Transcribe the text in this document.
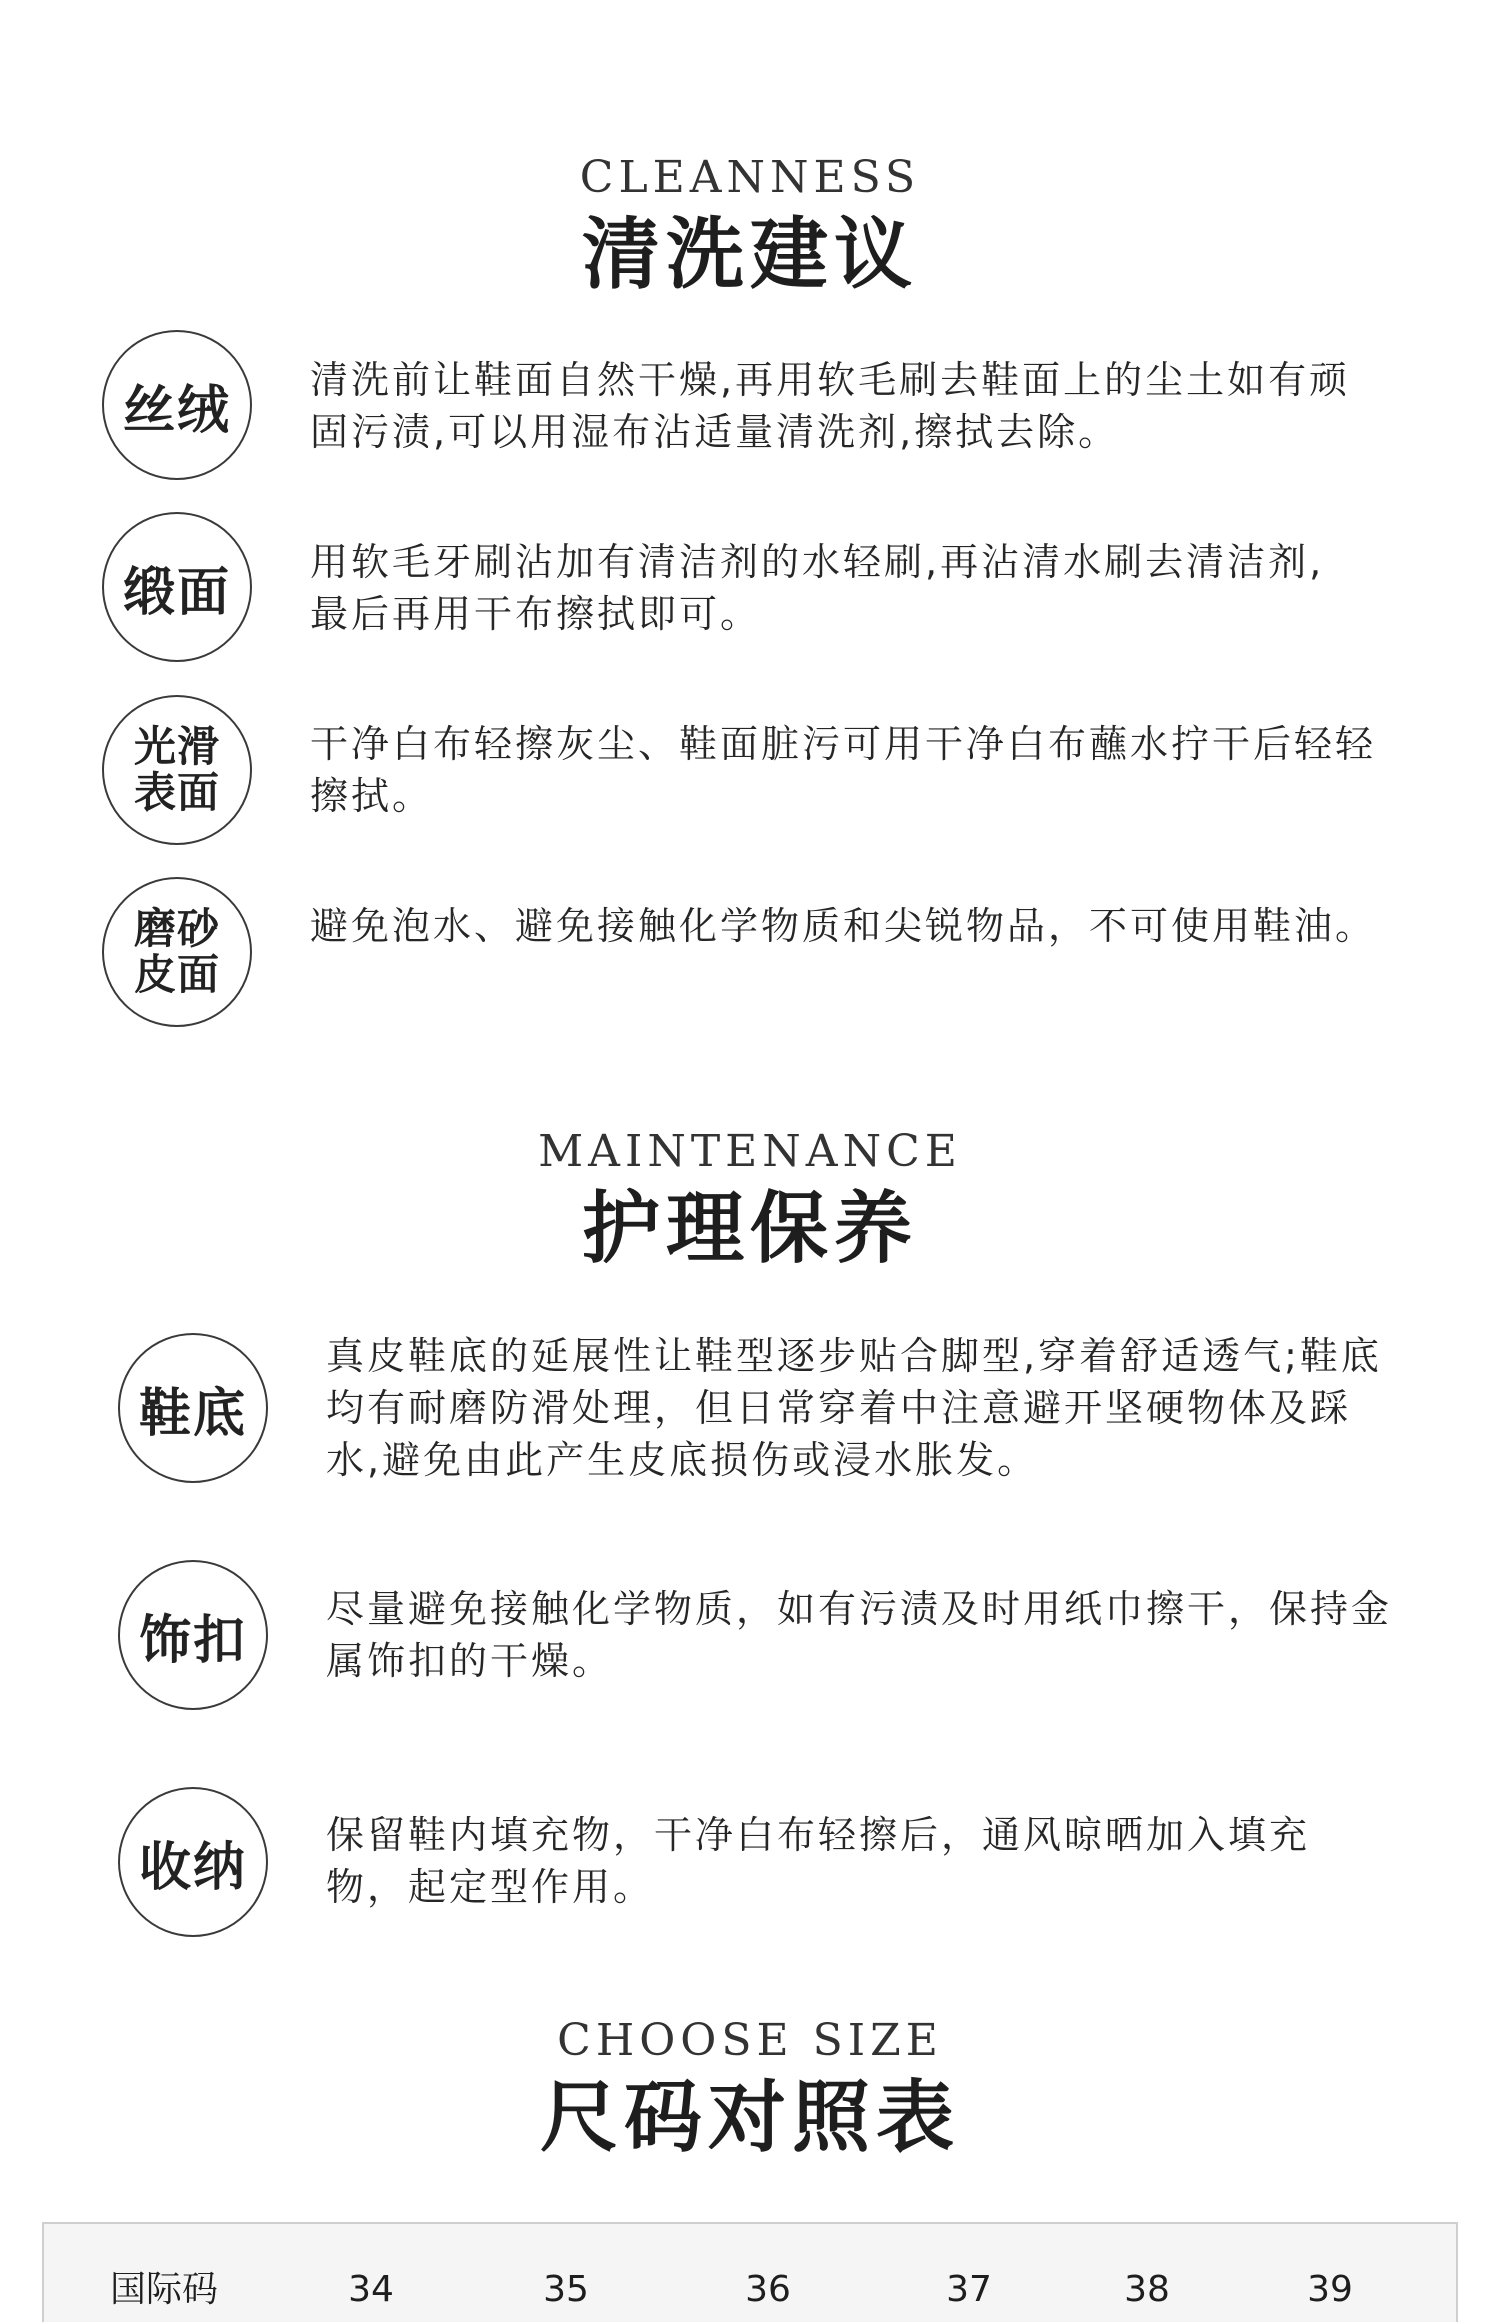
CLEANNESS
清洗建议
丝绒
清洗前让鞋面自然干燥,再用软毛刷去鞋面上的尘土如有顽固污渍,可以用湿布沾适量清洗剂,擦拭去除。
缎面
用软毛牙刷沾加有清洁剂的水轻刷,再沾清水刷去清洁剂,最后再用干布擦拭即可。
光滑表面
干净白布轻擦灰尘、鞋面脏污可用干净白布蘸水拧干后轻轻擦拭。
磨砂皮面
避免泡水、避免接触化学物质和尖锐物品，不可使用鞋油。
MAINTENANCE
护理保养
鞋底
真皮鞋底的延展性让鞋型逐步贴合脚型,穿着舒适透气;鞋底均有耐磨防滑处理，但日常穿着中注意避开坚硬物体及踩水,避免由此产生皮底损伤或浸水胀发。
饰扣
尽量避免接触化学物质，如有污渍及时用纸巾擦干，保持金属饰扣的干燥。
收纳
保留鞋内填充物，干净白布轻擦后，通风晾晒加入填充物，起定型作用。
CHOOSE SIZE
尺码对照表
国际码	34	35	36	37	38	39
